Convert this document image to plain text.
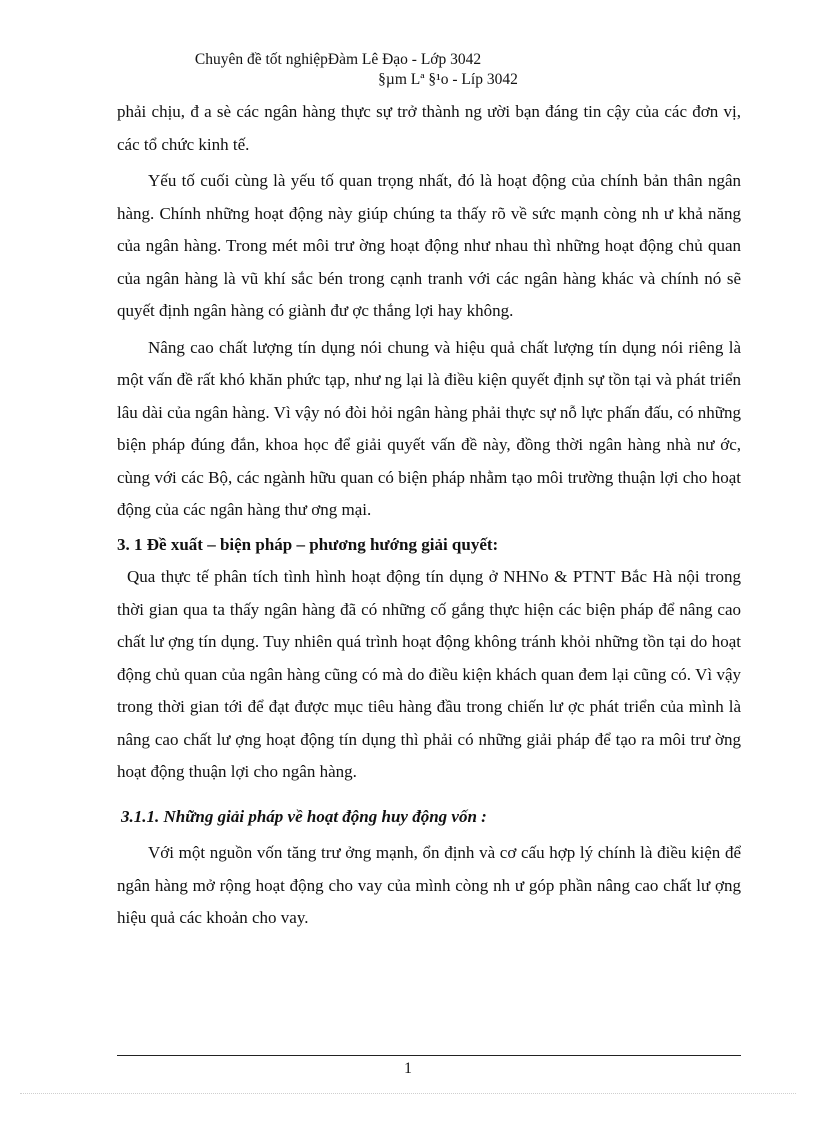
Chuyên đề tốt nghiệpĐàm Lê Đạo - Lớp 3042
§µm Lª §¹o - Líp 3042

phải chịu, đ a sè các ngân hàng thực sự trở thành ng ười bạn đáng tin cậy của các đơn vị, các tổ chức kinh tế.

Yếu tố cuối cùng là yếu tố quan trọng nhất, đó là hoạt động của chính bản thân ngân hàng. Chính những hoạt động này giúp chúng ta thấy rõ về sức mạnh còng nh ư khả năng của ngân hàng. Trong mét môi trư ờng hoạt động như nhau thì những hoạt động chủ quan của ngân hàng là vũ khí sắc bén trong cạnh tranh với các ngân hàng khác và chính nó sẽ quyết định ngân hàng có giành đư ợc thắng lợi hay không.

Nâng cao chất lượng tín dụng nói chung và hiệu quả chất lượng tín dụng nói riêng là một vấn đề rất khó khăn phức tạp, như ng lại là điều kiện quyết định sự tồn tại và phát triển lâu dài của ngân hàng. Vì vậy nó đòi hỏi ngân hàng phải thực sự nỗ lực phấn đấu, có những biện pháp đúng đắn, khoa học để giải quyết vấn đề này, đồng thời ngân hàng nhà nư ớc, cùng với các Bộ, các ngành hữu quan có biện pháp nhằm tạo môi trường thuận lợi cho hoạt động của các ngân hàng thư ơng mại.

3. 1 Đề xuất – biện pháp – phương hướng giải quyết:

Qua thực tế phân tích tình hình hoạt động tín dụng ở NHNo & PTNT Bắc Hà nội trong thời gian qua ta thấy ngân hàng đã có những cố gắng thực hiện các biện pháp để nâng cao chất lư ợng tín dụng. Tuy nhiên quá trình hoạt động không tránh khỏi những tồn tại do hoạt động chủ quan của ngân hàng cũng có mà do điều kiện khách quan đem lại cũng có. Vì vậy trong thời gian tới để đạt được mục tiêu hàng đầu trong chiến lư ợc phát triển của mình là nâng cao chất lư ợng hoạt động tín dụng thì phải có những giải pháp để tạo ra môi trư ờng hoạt động thuận lợi cho ngân hàng.

3.1.1. Những giải pháp về hoạt động huy động vốn :

Với một nguồn vốn tăng trư ởng mạnh, ổn định và cơ cấu hợp lý chính là điều kiện để ngân hàng mở rộng hoạt động cho vay của mình còng nh ư góp phần nâng cao chất lư ợng hiệu quả các khoản cho vay.

1
